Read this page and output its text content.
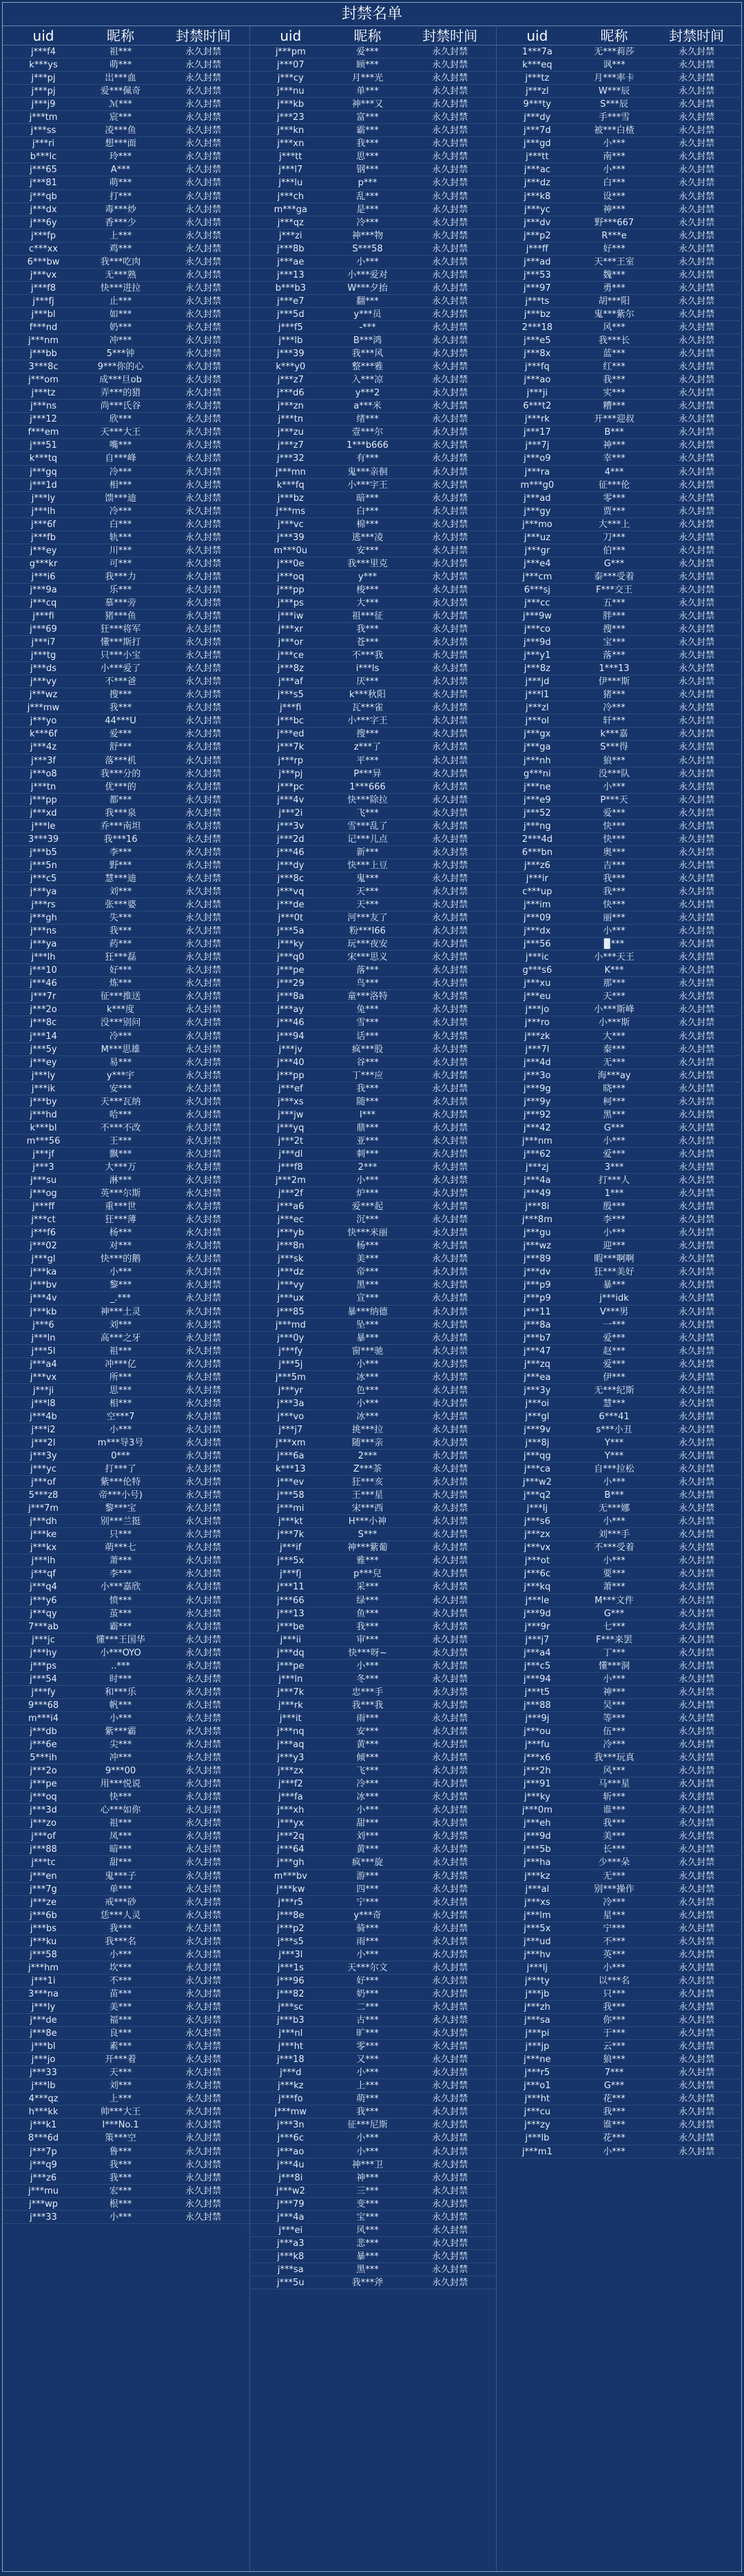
封禁名单
uid	昵称	封禁时间
j***f4	祖***	永久封禁
k***ys	萌***	永久封禁
j***pj	岀***血	永久封禁
j***pj	爱***佩奇	永久封禁
j***j9	ℳ***	永久封禁
j***tm	宸***	永久封禁
j***ss	凌***鱼	永久封禁
j***ri	想***面	永久封禁
b***lc	玲***	永久封禁
j***65	A***	永久封禁
j***81	萌***	永久封禁
j***qb	打***	永久封禁
j***dx	毒***炒	永久封禁
j***6y	香***少	永久封禁
j***fp	上***	永久封禁
c***xx	鸡***	永久封禁
6***bw	我***吃肉	永久封禁
j***vx	无***熟	永久封禁
j***f8	快***进拉	永久封禁
j***fj	止***	永久封禁
j***bl	如***	永久封禁
f***nd	奶***	永久封禁
j***nm	冲***	永久封禁
j***bb	5***钟	永久封禁
3***8c	9***你的心	永久封禁
j***om	成***旦ob	永久封禁
j***tz	弄***的猎	永久封禁
j***ns	尚***氏谷	永久封禁
j***12	欣***	永久封禁
f***em	天***大王	永久封禁
j***51	嘴***	永久封禁
k***tq	自***峰	永久封禁
j***gq	冷***	永久封禁
j***1d	相***	永久封禁
j***ly	馈***迪	永久封禁
j***lh	冷***	永久封禁
j***6f	白***	永久封禁
j***fb	轨***	永久封禁
j***ey	川***	永久封禁
g***kr	可***	永久封禁
j***i6	我***力	永久封禁
j***9a	乐***	永久封禁
j***cq	慕***旁	永久封禁
j***fi	猪***鱼	永久封禁
j***69	狂***将军	永久封禁
j***i7	懂***斯打	永久封禁
j***tg	只***小宝	永久封禁
j***ds	小***爱了	永久封禁
j***vy	不***爸	永久封禁
j***wz	搜***	永久封禁
j***mw	我***	永久封禁
j***yo	44***U	永久封禁
k***6f	爱***	永久封禁
j***4z	舒***	永久封禁
j***3f	落***机	永久封禁
j***o8	我***分的	永久封禁
j***tn	优***的	永久封禁
j***pp	都***	永久封禁
j***xd	我***泉	永久封禁
j***le	乔***南坦	永久封禁
3***39	我***16	永久封禁
j***b5	李***	永久封禁
j***5n	野***	永久封禁
j***c5	慧***迪	永久封禁
j***ya	刘***	永久封禁
j***rs	张***婆	永久封禁
j***gh	失***	永久封禁
j***ns	我***	永久封禁
j***ya	药***	永久封禁
j***lh	狂***磊	永久封禁
j***10	好***	永久封禁
j***46	炼***	永久封禁
j***7r	征***推送	永久封禁
j***2o	k***度	永久封禁
j***8c	没***别问	永久封禁
j***14	冷***	永久封禁
j***5y	M***思雄	永久封禁
j***ey	易***	永久封禁
j***ly	y***宇	永久封禁
j***ik	安***	永久封禁
j***by	天***瓦纳	永久封禁
j***hd	哈***	永久封禁
k***bl	不***不改	永久封禁
m***56	王***	永久封禁
j***jf	飘***	永久封禁
j***3	大***万	永久封禁
j***su	淋***	永久封禁
j***og	英***尔斯	永久封禁
j***ff	重***世	永久封禁
j***ct	狂***薄	永久封禁
j***f6	杨***	永久封禁
j***02	对***	永久封禁
j***gl	快***的鹅	永久封禁
j***ka	小***	永久封禁
j***bv	黎***	永久封禁
j***4v	_.***	永久封禁
j***kb	神***土灵	永久封禁
j***6	刘***	永久封禁
j***ln	高***之牙	永久封禁
j***5l	祖***	永久封禁
j***a4	冲***亿	永久封禁
j***vx	所***	永久封禁
j***ji	思***	永久封禁
j***l8	相***	永久封禁
j***4b	空***7	永久封禁
j***i2	小***	永久封禁
j***2l	m***导3号	永久封禁
j***3y	0***	永久封禁
j***yc	打***了	永久封禁
j***of	紫***伦特	永久封禁
5***z8	帝***小号)	永久封禁
j***7m	黎***宝	永久封禁
j***dh	别***兰挺	永久封禁
j***ke	只***	永久封禁
j***kx	萌***七	永久封禁
j***lh	萧***	永久封禁
j***qf	李***	永久封禁
j***q4	小***嘉欣	永久封禁
j***y6	愤***	永久封禁
j***qy	茧***	永久封禁
7***ab	霸***	永久封禁
j***jc	懂***王国华	永久封禁
j***hy	小***OYO	永久封禁
j***ps	..***	永久封禁
j***54	时***	永久封禁
j***fy	和***乐	永久封禁
9***68	帆***	永久封禁
m***i4	小***	永久封禁
j***db	紫***霸	永久封禁
j***6e	尖***	永久封禁
5***ih	冲***	永久封禁
j***2o	9***00	永久封禁
j***pe	用***悦说	永久封禁
j***oq	快***	永久封禁
j***3d	心***如你	永久封禁
j***zo	祖***	永久封禁
j***of	凤***	永久封禁
j***88	暗***	永久封禁
j***tc	甜***	永久封禁
j***en	鬼***子	永久封禁
j***7g	单***	永久封禁
j***ze	戒***砂	永久封禁
j***6b	恁***人灵	永久封禁
j***bs	我***	永久封禁
j***ku	我***名	永久封禁
j***58	小***	永久封禁
j***hm	坎***	永久封禁
j***1i	不***	永久封禁
3***na	苗***	永久封禁
j***ly	美***	永久封禁
j***de	福***	永久封禁
j***8e	良***	永久封禁
j***bl	素***	永久封禁
j***jo	开***着	永久封禁
j***33	天***	永久封禁
j***lb	刘***	永久封禁
4***qz	上***	永久封禁
h***kk	帅***大王	永久封禁
j***k1	I***No.1	永久封禁
8***6d	策***空	永久封禁
j***7p	鲁***	永久封禁
j***q9	我***	永久封禁
j***z6	我***	永久封禁
j***mu	宏***	永久封禁
j***wp	根***	永久封禁
j***33	小***	永久封禁
uid	昵称	封禁时间
j***pm	爱***	永久封禁
j***07	顾***	永久封禁
j***cy	月***光	永久封禁
j***nu	单***	永久封禁
j***kb	神***又	永久封禁
j***23	富***	永久封禁
j***kn	霸***	永久封禁
j***xn	我***	永久封禁
j***tt	思***	永久封禁
j***l7	钢***	永久封禁
j***lu	p***	永久封禁
j***ch	乱***	永久封禁
m***ga	是***	永久封禁
j***qz	冷***	永久封禁
j***zi	神***物	永久封禁
j***8b	S***58	永久封禁
j***ae	小***	永久封禁
j***13	小***爱对	永久封禁
b***b3	W***夕抬	永久封禁
j***e7	翻***	永久封禁
j***5d	y***员	永久封禁
j***f5	-***	永久封禁
j***lb	B***鸿	永久封禁
j***39	我***风	永久封禁
k***y0	整***雅	永久封禁
j***z7	入***凉	永久封禁
j***d6	y***2	永久封禁
j***zn	a***米	永久封禁
j***tn	绪***	永久封禁
j***zu	壹***尔	永久封禁
j***z7	1***b666	永久封禁
j***32	有***	永久封禁
j***mn	鬼***亲徊	永久封禁
k***fq	小***字王	永久封禁
j***bz	暗***	永久封禁
j***ms	白***	永久封禁
j***vc	棉***	永久封禁
j***39	逃***凌	永久封禁
m***0u	安***	永久封禁
j***0e	我***里克	永久封禁
j***oq	y***	永久封禁
j***pp	梭***	永久封禁
j***ps	大***	永久封禁
j***iw	祖***征	永久封禁
j***xr	我***	永久封禁
j***or	苍***	永久封禁
j***ce	不***我	永久封禁
j***8z	i***ls	永久封禁
j***af	厌***	永久封禁
j***s5	k***秋阳	永久封禁
j***fi	瓦***雀	永久封禁
j***bc	小***字王	永久封禁
j***ed	搜***	永久封禁
j***7k	z***了	永久封禁
j***rp	平***	永久封禁
j***pj	P***异	永久封禁
j***pc	1***666	永久封禁
j***4v	快***除拉	永久封禁
j***2i	飞***	永久封禁
j***3v	雪***乱了	永久封禁
j***2d	记***儿点	永久封禁
j***46	新***	永久封禁
j***dy	快***上豆	永久封禁
j***8c	鬼***	永久封禁
j***vq	天***	永久封禁
j***de	天***	永久封禁
j***0t	河***友了	永久封禁
j***5a	粉***I66	永久封禁
j***ky	玩***夜安	永久封禁
j***q0	宋***思义	永久封禁
j***pe	落***	永久封禁
j***29	鸟***	永久封禁
j***8a	童***洛特	永久封禁
j***ay	兔***	永久封禁
j***46	雪***	永久封禁
j***94	话***	永久封禁
j***jv	疯***股	永久封禁
j***40	谷***	永久封禁
j***pp	丁***应	永久封禁
j***ef	我***	永久封禁
j***xs	随***	永久封禁
j***jw	I***	永久封禁
j***yq	鼎***	永久封禁
j***2t	亚***	永久封禁
j***dl	刺***	永久封禁
j***f8	2***	永久封禁
j***2m	小***	永久封禁
j***2f	炉***	永久封禁
j***a6	爱***起	永久封禁
j***ec	沉***	永久封禁
j***yb	快***米丽	永久封禁
j***8n	杨***	永久封禁
j***sk	美***	永久封禁
j***dz	帝***	永久封禁
j***vy	黑***	永久封禁
j***ux	宣***	永久封禁
j***85	暴***纳德	永久封禁
j***md	坠***	永久封禁
j***0y	暴***	永久封禁
j***fy	窗***驰	永久封禁
j***5j	小***	永久封禁
j***5m	冰***	永久封禁
j***yr	色***	永久封禁
j***3a	小***	永久封禁
j***vo	冰***	永久封禁
j***j7	挑***拉	永久封禁
j***xm	随***亲	永久封禁
j***6a	2***	永久封禁
k***13	Z***茶	永久封禁
j***ev	狂***亥	永久封禁
j***58	王***星	永久封禁
j***mi	宋***西	永久封禁
j***kt	H***小神	永久封禁
j***7k	S***	永久封禁
j***if	神***紫葡	永久封禁
j***5x	雅***	永久封禁
j***fj	p***兒	永久封禁
j***11	采***	永久封禁
j***66	绿***	永久封禁
j***13	鱼***	永久封禁
j***be	我***	永久封禁
j***ii	审***	永久封禁
j***dq	快***呀~	永久封禁
j***pe	小***	永久封禁
j***ln	冬***	永久封禁
j***7k	忠***手	永久封禁
j***rk	我***我	永久封禁
j***it	雨***	永久封禁
j***nq	安***	永久封禁
j***aq	黄***	永久封禁
j***y3	倾***	永久封禁
j***zx	飞***	永久封禁
j***f2	冷***	永久封禁
j***fa	冰***	永久封禁
j***xh	小***	永久封禁
j***yx	甜***	永久封禁
j***2q	刘***	永久封禁
j***64	黄***	永久封禁
j***gh	疯***旋	永久封禁
m***bv	游***	永久封禁
j***kw	四***	永久封禁
j***r5	宁***	永久封禁
j***8e	y***奇	永久封禁
j***p2	骑***	永久封禁
j***s5	雨***	永久封禁
j***3l	小***	永久封禁
j***1s	天***尔文	永久封禁
j***96	好***	永久封禁
j***82	奶***	永久封禁
j***sc	二***	永久封禁
j***b3	古***	永久封禁
j***nl	旷***	永久封禁
j***ht	零***	永久封禁
j***18	又***	永久封禁
j***d	小***	永久封禁
j***kz	上***	永久封禁
j***fo	萌***	永久封禁
j***mw	我***	永久封禁
j***3n	征***尼斯	永久封禁
j***6c	小***	永久封禁
j***ao	小***	永久封禁
j***4u	神***卫	永久封禁
j***8i	神***	永久封禁
j***w2	三***	永久封禁
j***79	变***	永久封禁
j***4a	宝***	永久封禁
j***ei	风***	永久封禁
j***a3	悲***	永久封禁
j***k8	暴***	永久封禁
j***sa	黑***	永久封禁
j***5u	我***斧	永久封禁
uid	昵称	封禁时间
1***7a	无***莉莎	永久封禁
k***eq	讽***	永久封禁
j***tz	月***率卡	永久封禁
j***zl	W***辰	永久封禁
9***ty	S***辰	永久封禁
j***dy	手***雪	永久封禁
j***7d	被***白楂	永久封禁
j***gd	小***	永久封禁
j***tt	南***	永久封禁
j***ac	小***	永久封禁
j***dz	白***	永久封禁
j***k8	设***	永久封禁
j***yc	神***	永久封禁
j***dv	野***667	永久封禁
j***p2	R***e	永久封禁
j***ff	好***	永久封禁
j***ad	天***王室	永久封禁
j***53	魏***	永久封禁
j***97	勇***	永久封禁
j***ts	胡***阳	永久封禁
j***bz	鬼***紫尔	永久封禁
2***18	风***	永久封禁
j***e5	我***长	永久封禁
j***8x	蓝***	永久封禁
j***fq	红***	永久封禁
j***ao	我***	永久封禁
j***ji	实***	永久封禁
6***t2	糟***	永久封禁
j***rk	开***迎叔	永久封禁
j***17	B***	永久封禁
j***7j	神***	永久封禁
j***o9	幸***	永久封禁
j***ra	4***	永久封禁
m***g0	征***伦	永久封禁
j***ad	零***	永久封禁
j***gy	贾***	永久封禁
j***mo	大***上	永久封禁
j***uz	刀***	永久封禁
j***gr	伯***	永久封禁
j***e4	G***	永久封禁
j***cm	泰***受着	永久封禁
6***sj	F***交王	永久封禁
j***cc	五***	永久封禁
j***9w	胖***	永久封禁
j***co	搜***	永久封禁
j***9d	宝***	永久封禁
j***y1	落***	永久封禁
j***8z	1***13	永久封禁
j***jd	伊***斯	永久封禁
j***l1	猪***	永久封禁
j***zl	冷***	永久封禁
j***ol	轩***	永久封禁
j***gx	k***嘉	永久封禁
j***ga	S***得	永久封禁
j***nh	狼***	永久封禁
g***ni	没***队	永久封禁
j***ne	小***	永久封禁
j***e9	P***天	永久封禁
j***52	爱***	永久封禁
j***ng	快***	永久封禁
2***4d	快***	永久封禁
6***bn	奥***	永久封禁
j***z6	吉***	永久封禁
j***ir	我***	永久封禁
c***up	我***	永久封禁
j***im	快***	永久封禁
j***09	丽***	永久封禁
j***dx	小***	永久封禁
j***56	▉***	永久封禁
j***ic	小***天王	永久封禁
g***s6	K***	永久封禁
j***xu	那***	永久封禁
j***eu	天***	永久封禁
j***jo	小***斯峰	永久封禁
j***ro	小***斯	永久封禁
j***zk	大***	永久封禁
j***7l	秦***	永久封禁
j***4d	无***	永久封禁
j***3o	海***ay	永久封禁
j***9g	晓***	永久封禁
j***9y	柯***	永久封禁
j***92	黑***	永久封禁
j***42	G***	永久封禁
j***nm	小***	永久封禁
j***62	爱***	永久封禁
j***zj	3***	永久封禁
j***4a	打***人	永久封禁
j***49	1***	永久封禁
j***8i	殷***	永久封禁
j***8m	李***	永久封禁
j***gu	小***	永久封禁
j***wz	迎***	永久封禁
j***89	暇***啊啊	永久封禁
j***dv	狂***美好	永久封禁
j***p9	暴***	永久封禁
j***p9	j***idk	永久封禁
j***11	V***男	永久封禁
j***8a	一***	永久封禁
j***b7	爱***	永久封禁
j***47	赵***	永久封禁
j***zq	爱***	永久封禁
j***ea	伊***	永久封禁
j***3y	无***纪斯	永久封禁
j***oi	慧***	永久封禁
j***gl	6***41	永久封禁
j***9v	s***小丑	永久封禁
j***8j	Y***	永久封禁
j***qg	Y***	永久封禁
j***ca	自***拉松	永久封禁
j***w2	小***	永久封禁
j***q2	B***	永久封禁
j***lj	无***娜	永久封禁
j***s6	小***	永久封禁
j***zx	刘***手	永久封禁
j***vx	不***受着	永久封禁
j***ot	小***	永久封禁
j***6c	要***	永久封禁
j***kq	萧***	永久封禁
j***le	M***文件	永久封禁
j***9d	G***	永久封禁
j***9r	七***	永久封禁
j***j7	F***来罢	永久封禁
j***a4	丁***	永久封禁
j***c5	懂***洞	永久封禁
j***94	小***	永久封禁
j***t5	神***	永久封禁
j***88	吴***	永久封禁
j***9j	等***	永久封禁
j***ou	伍***	永久封禁
j***fu	冷***	永久封禁
j***x6	我***玩真	永久封禁
j***2h	风***	永久封禁
j***91	马***星	永久封禁
j***ky	斩***	永久封禁
j***0m	谁***	永久封禁
j***eh	我***	永久封禁
j***9d	美***	永久封禁
j***5b	长***	永久封禁
j***ha	少***朵	永久封禁
j***kz	无***	永久封禁
j***al	别***操作	永久封禁
j***xs	冷***	永久封禁
j***lm	星***	永久封禁
j***5x	宁***	永久封禁
j***ud	不***	永久封禁
j***hv	英***	永久封禁
j***lj	小***	永久封禁
j***ty	以***名	永久封禁
j***jb	只***	永久封禁
j***zh	我***	永久封禁
j***sa	你***	永久封禁
j***pi	于***	永久封禁
j***jp	云***	永久封禁
j***ne	狼***	永久封禁
j***r5	7***	永久封禁
j***o1	G***	永久封禁
j***ht	花***	永久封禁
j***cu	我***	永久封禁
j***zy	谁***	永久封禁
j***lb	花***	永久封禁
j***m1	小***	永久封禁
